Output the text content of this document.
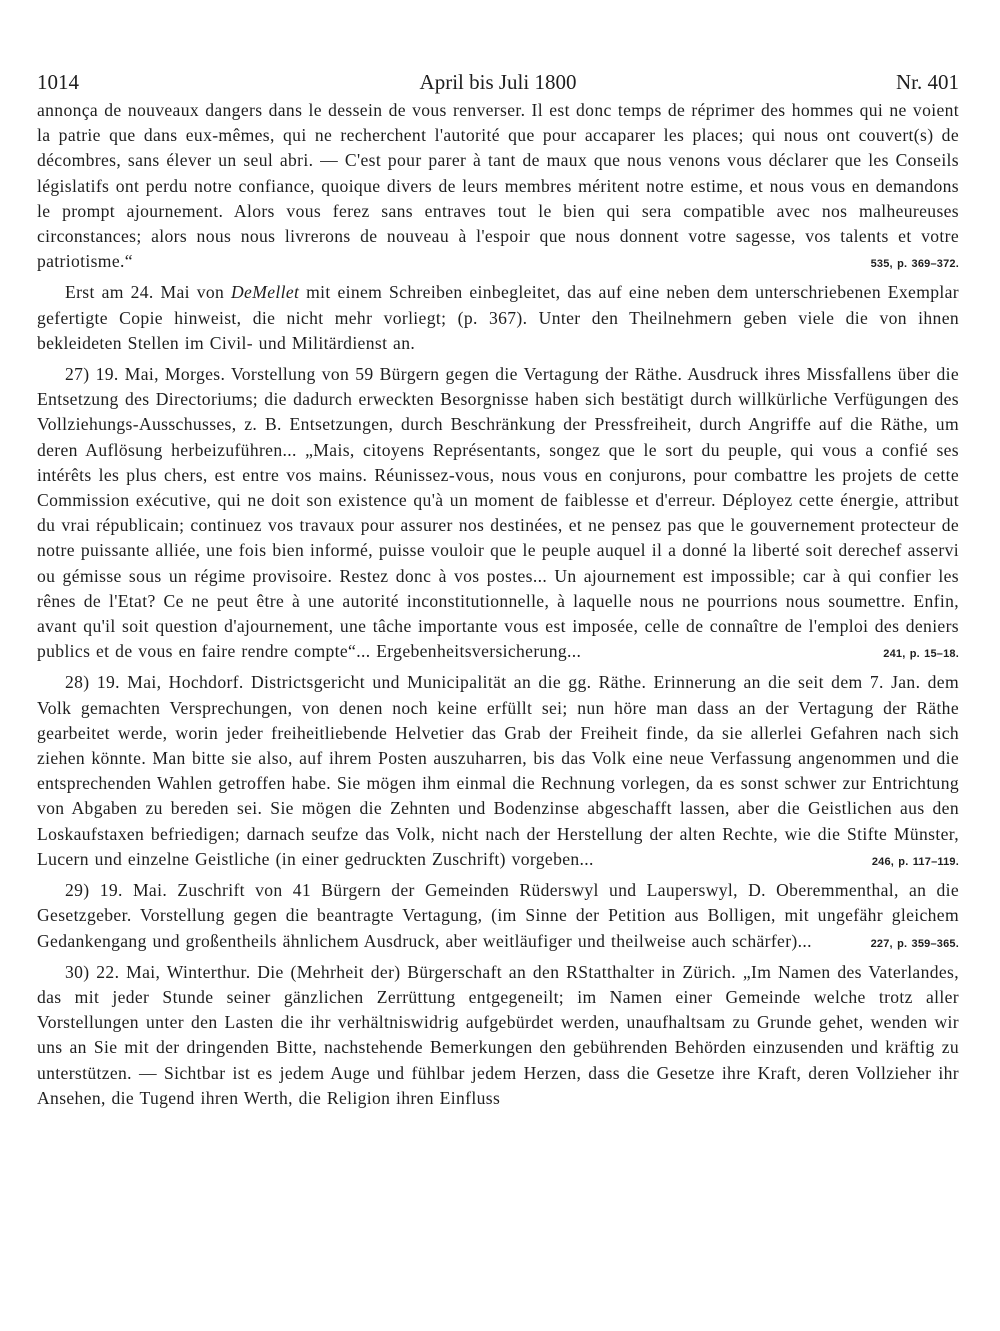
1014	April bis Juli 1800	Nr. 401

annonça de nouveaux dangers dans le dessein de vous renverser. Il est donc temps de réprimer des hommes qui ne voient la patrie que dans eux-mêmes, qui ne recherchent l'autorité que pour accaparer les places; qui nous ont couvert(s) de décombres, sans élever un seul abri. — C'est pour parer à tant de maux que nous venons vous déclarer que les Conseils législatifs ont perdu notre confiance, quoique divers de leurs membres méritent notre estime, et nous vous en demandons le prompt ajournement. Alors vous ferez sans entraves tout le bien qui sera compatible avec nos malheureuses circonstances; alors nous nous livrerons de nouveau à l'espoir que nous donnent votre sagesse, vos talents et votre patriotisme.“	535, p. 369–372.

Erst am 24. Mai von DeMellet mit einem Schreiben einbegleitet, das auf eine neben dem unterschriebenen Exemplar gefertigte Copie hinweist, die nicht mehr vorliegt; (p. 367). Unter den Theilnehmern geben viele die von ihnen bekleideten Stellen im Civil- und Militärdienst an.

27) 19. Mai, Morges. Vorstellung von 59 Bürgern gegen die Vertagung der Räthe. Ausdruck ihres Missfallens über die Entsetzung des Directoriums; die dadurch erweckten Besorgnisse haben sich bestätigt durch willkürliche Verfügungen des Vollziehungs-Ausschusses, z. B. Entsetzungen, durch Beschränkung der Pressfreiheit, durch Angriffe auf die Räthe, um deren Auflösung herbeizuführen... „Mais, citoyens Représentants, songez que le sort du peuple, qui vous a confié ses intérêts les plus chers, est entre vos mains. Réunissez-vous, nous vous en conjurons, pour combattre les projets de cette Commission exécutive, qui ne doit son existence qu'à un moment de faiblesse et d'erreur. Déployez cette énergie, attribut du vrai républicain; continuez vos travaux pour assurer nos destinées, et ne pensez pas que le gouvernement protecteur de notre puissante alliée, une fois bien informé, puisse vouloir que le peuple auquel il a donné la liberté soit derechef asservi ou gémisse sous un régime provisoire. Restez donc à vos postes... Un ajournement est impossible; car à qui confier les rênes de l'Etat? Ce ne peut être à une autorité inconstitutionnelle, à laquelle nous ne pourrions nous soumettre. Enfin, avant qu'il soit question d'ajournement, une tâche importante vous est imposée, celle de connaître de l'emploi des deniers publics et de vous en faire rendre compte“... Ergebenheitsversicherung...	241, p. 15–18.

28) 19. Mai, Hochdorf. Districtsgericht und Municipalität an die gg. Räthe. Erinnerung an die seit dem 7. Jan. dem Volk gemachten Versprechungen, von denen noch keine erfüllt sei; nun höre man dass an der Vertagung der Räthe gearbeitet werde, worin jeder freiheitliebende Helvetier das Grab der Freiheit finde, da sie allerlei Gefahren nach sich ziehen könnte. Man bitte sie also, auf ihrem Posten auszuharren, bis das Volk eine neue Verfassung angenommen und die entsprechenden Wahlen getroffen habe. Sie mögen ihm einmal die Rechnung vorlegen, da es sonst schwer zur Entrichtung von Abgaben zu bereden sei. Sie mögen die Zehnten und Bodenzinse abgeschafft lassen, aber die Geistlichen aus den Loskaufstaxen befriedigen; darnach seufze das Volk, nicht nach der Herstellung der alten Rechte, wie die Stifte Münster, Lucern und einzelne Geistliche (in einer gedruckten Zuschrift) vorgeben...	246, p. 117–119.

29) 19. Mai. Zuschrift von 41 Bürgern der Gemeinden Rüderswyl und Lauperswyl, D. Oberemmenthal, an die Gesetzgeber. Vorstellung gegen die beantragte Vertagung, (im Sinne der Petition aus Bolligen, mit ungefähr gleichem Gedankengang und großentheils ähnlichem Ausdruck, aber weitläufiger und theilweise auch schärfer)...	227, p. 359–365.

30) 22. Mai, Winterthur. Die (Mehrheit der) Bürgerschaft an den RStatthalter in Zürich. „Im Namen des Vaterlandes, das mit jeder Stunde seiner gänzlichen Zerrüttung entgegeneilt; im Namen einer Gemeinde welche trotz aller Vorstellungen unter den Lasten die ihr verhältniswidrig aufgebürdet werden, unaufhaltsam zu Grunde gehet, wenden wir uns an Sie mit der dringenden Bitte, nachstehende Bemerkungen den gebührenden Behörden einzusenden und kräftig zu unterstützen. — Sichtbar ist es jedem Auge und fühlbar jedem Herzen, dass die Gesetze ihre Kraft, deren Vollzieher ihr Ansehen, die Tugend ihren Werth, die Religion ihren Einfluss
